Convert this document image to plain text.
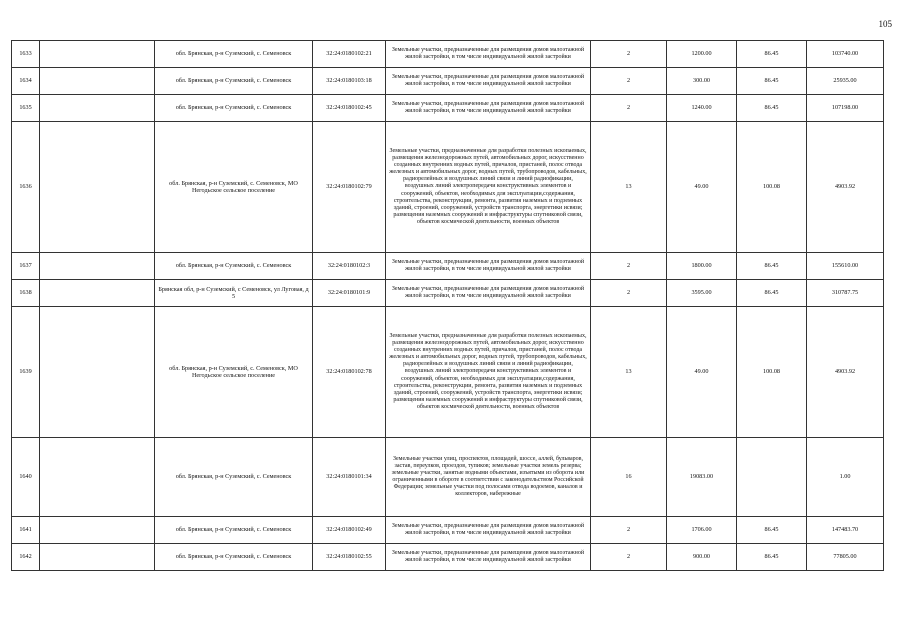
105
1633		обл. Брянская, р-н Суземский, с. Семеновск	32:24:0180102:21	Земельные участки, предназначенные для размещения домов малоэтажной жилой застройки, в том числе индивидуальной жилой застройки	2	1200.00	86.45	103740.00
1634		обл. Брянская, р-н Суземский, с. Семеновск	32:24:0180103:18	Земельные участки, предназначенные для размещения домов малоэтажной жилой застройки, в том числе индивидуальной жилой застройки	2	300.00	86.45	25935.00
1635		обл. Брянская, р-н Суземский, с. Семеновск	32:24:0180102:45	Земельные участки, предназначенные для размещения домов малоэтажной жилой застройки, в том числе индивидуальной жилой застройки	2	1240.00	86.45	107198.00
1636		обл. Брянская, р-н Суземский, с. Семеновск, МО Негодьское сельское поселение	32:24:0180102:79	Земельные участки, предназначенные для разработки полезных ископаемых, размещения железнодорожных путей, автомобильных дорог, искусственно созданных внутренних водных путей, причалов, пристаней, полос отвода железных и автомобильных дорог, водных путей, трубопроводов, кабельных, радиорелейных и воздушных линий связи и линий радиофикации, воздушных линий электропередачи конструктивных элементов и сооружений, объектов, необходимых для эксплуатации,содержания, строительства, реконструкции, ремонта, развития наземных и подземных зданий, строений, сооружений, устройств транспорта, энергетики исвязи; размещения наземных сооружений и инфраструктуры спутниковой связи, объектов космической деятельности, военных объектов	13	49.00	100.08	4903.92
1637		обл. Брянская, р-н Суземский, с. Семеновск	32:24:0180102:3	Земельные участки, предназначенные для размещения домов малоэтажной жилой застройки, в том числе индивидуальной жилой застройки	2	1800.00	86.45	155610.00
1638		Брянская обл, р-н Суземский, с Семеновск, ул Луговая, д 5	32:24:0180101:9	Земельные участки, предназначенные для размещения домов малоэтажной жилой застройки, в том числе индивидуальной жилой застройки	2	3595.00	86.45	310787.75
1639		обл. Брянская, р-н Суземский, с. Семеновск, МО Негодьское сельское поселение	32:24:0180102:78	Земельные участки, предназначенные для разработки полезных ископаемых, размещения железнодорожных путей, автомобильных дорог, искусственно созданных внутренних водных путей, причалов, пристаней, полос отвода железных и автомобильных дорог, водных путей, трубопроводов, кабельных, радиорелейных и воздушных линий связи и линий радиофикации, воздушных линий электропередачи конструктивных элементов и сооружений, объектов, необходимых для эксплуатации,содержания, строительства, реконструкции, ремонта, развития наземных и подземных зданий, строений, сооружений, устройств транспорта, энергетики исвязи; размещения наземных сооружений и инфраструктуры спутниковой связи, объектов космической деятельности, военных объектов	13	49.00	100.08	4903.92
1640		обл. Брянская, р-н Суземский, с. Семеновск	32:24:0180101:34	Земельные участки улиц, проспектов, площадей, шоссе, аллей, бульваров, застав, переулков, проездов, тупиков; земельные участки земель резерва; земельные участки, занятые водными объектами, изъятыми из оборота или ограниченными в обороте в соответствии с законодательством Российской Федерации; земельные участки под полосами отвода водоемов, каналов и коллекторов, набережные	16	19083.00		1.00
1641		обл. Брянская, р-н Суземский, с. Семеновск	32:24:0180102:49	Земельные участки, предназначенные для размещения домов малоэтажной жилой застройки, в том числе индивидуальной жилой застройки	2	1706.00	86.45	147483.70
1642		обл. Брянская, р-н Суземский, с. Семеновск	32:24:0180102:55	Земельные участки, предназначенные для размещения домов малоэтажной жилой застройки, в том числе индивидуальной жилой застройки	2	900.00	86.45	77805.00
